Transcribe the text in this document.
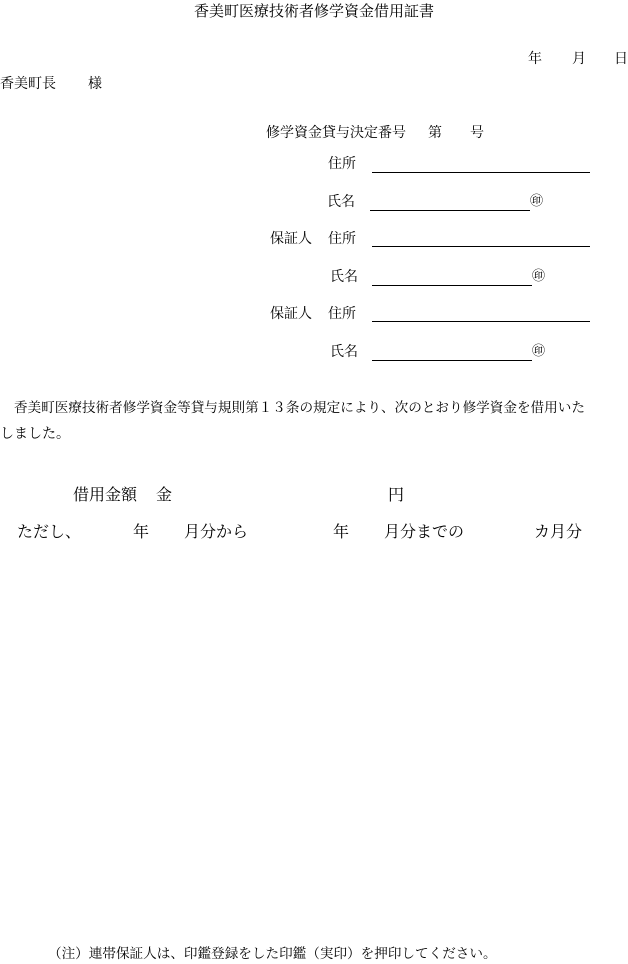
香美町医療技術者修学資金借用証書
年 月 日
香美町長 様
修学資金貸与決定番号 第 号
住所
氏名	㊞
保証人 住所
氏名	㊞
保証人 住所
氏名	㊞
香美町医療技術者修学資金等貸与規則第１３条の規定により、次のとおり修学資金を借用いた
しました。
借用金額 金	円
ただし、	年 月分から	年 月分までの	カ月分
（注）連帯保証人は、印鑑登録をした印鑑（実印）を押印してください。
